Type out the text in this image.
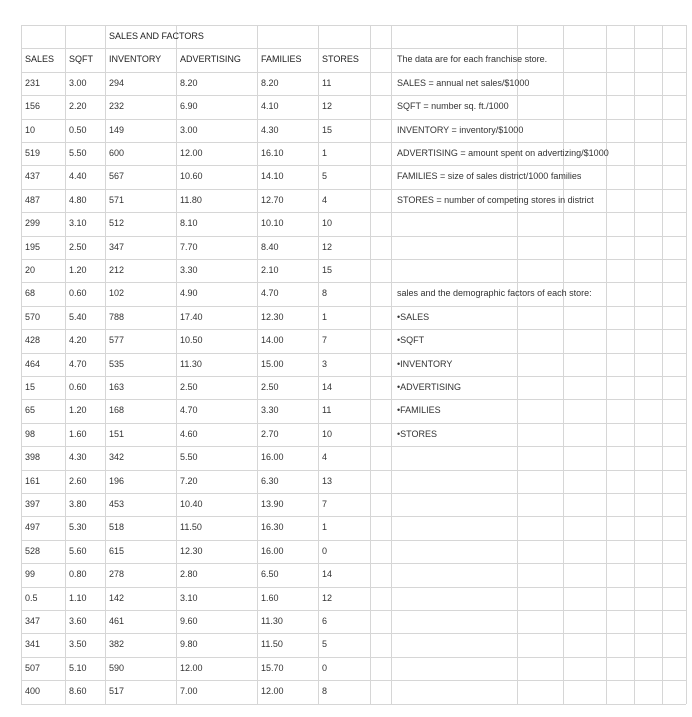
SALES AND FACTORS
SALES	SQFT	INVENTORY	ADVERTISING	FAMILIES	STORES
231	3.00	294	8.20	8.20	11
156	2.20	232	6.90	4.10	12
10	0.50	149	3.00	4.30	15
519	5.50	600	12.00	16.10	1
437	4.40	567	10.60	14.10	5
487	4.80	571	11.80	12.70	4
299	3.10	512	8.10	10.10	10
195	2.50	347	7.70	8.40	12
20	1.20	212	3.30	2.10	15
68	0.60	102	4.90	4.70	8
570	5.40	788	17.40	12.30	1
428	4.20	577	10.50	14.00	7
464	4.70	535	11.30	15.00	3
15	0.60	163	2.50	2.50	14
65	1.20	168	4.70	3.30	11
98	1.60	151	4.60	2.70	10
398	4.30	342	5.50	16.00	4
161	2.60	196	7.20	6.30	13
397	3.80	453	10.40	13.90	7
497	5.30	518	11.50	16.30	1
528	5.60	615	12.30	16.00	0
99	0.80	278	2.80	6.50	14
0.5	1.10	142	3.10	1.60	12
347	3.60	461	9.60	11.30	6
341	3.50	382	9.80	11.50	5
507	5.10	590	12.00	15.70	0
400	8.60	517	7.00	12.00	8
The data are for each franchise store.
SALES = annual net sales/$1000
SQFT = number sq. ft./1000
INVENTORY = inventory/$1000
ADVERTISING = amount spent on advertizing/$1000
FAMILIES = size of sales district/1000 families
STORES = number of competing stores in district
sales and the demographic factors of each store:
•SALES
•SQFT
•INVENTORY
•ADVERTISING
•FAMILIES
•STORES
